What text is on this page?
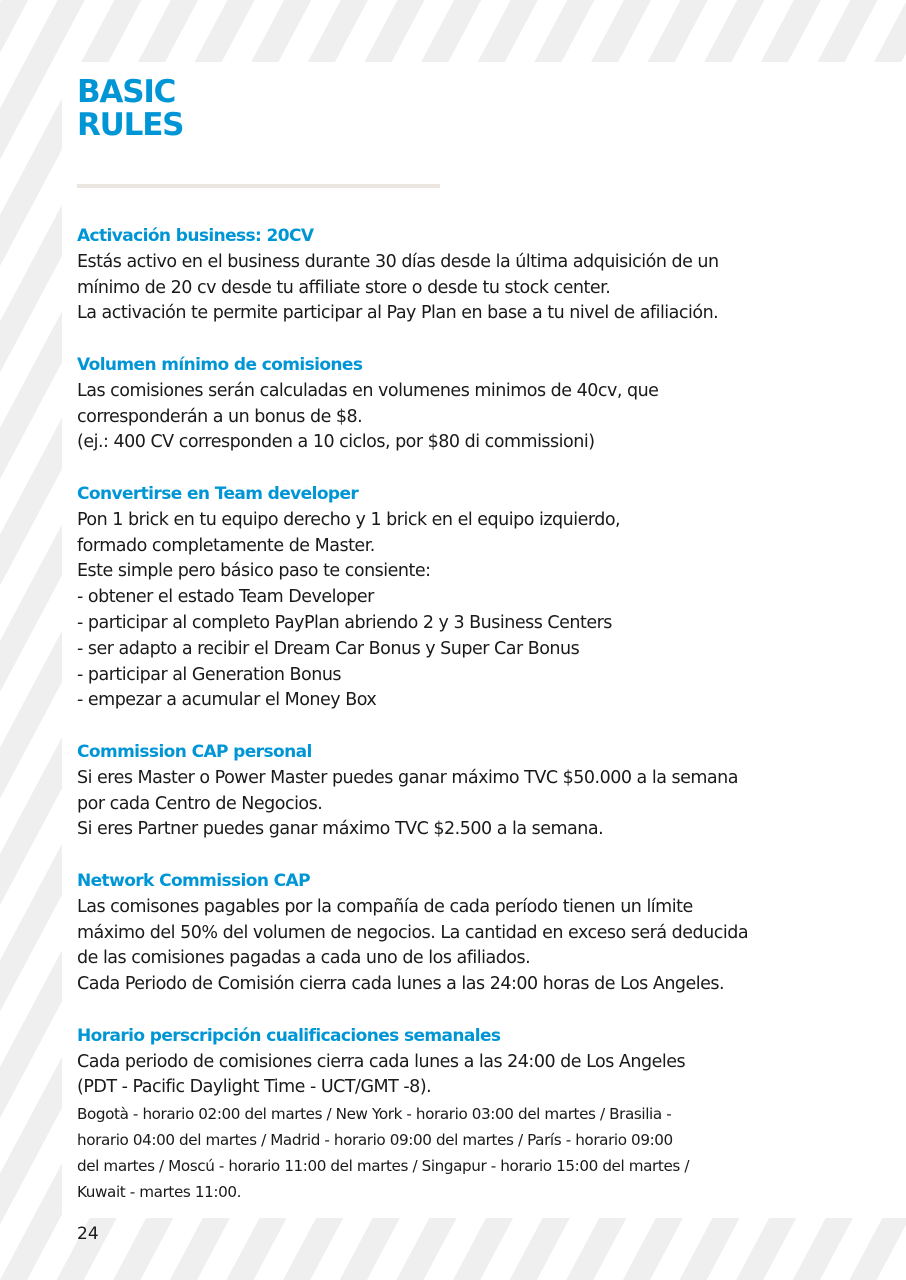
BASIC
RULES
Activación business: 20CV
Estás activo en el business durante 30 días desde la última adquisición de un
mínimo de 20 cv desde tu affiliate store o desde tu stock center.
La activación te permite participar al Pay Plan en base a tu nivel de afiliación.
Volumen mínimo de comisiones
Las comisiones serán calculadas en volumenes minimos de 40cv, que
corresponderán a un bonus de $8.
(ej.: 400 CV corresponden a 10 ciclos, por $80 di commissioni)
Convertirse en Team developer
Pon 1 brick en tu equipo derecho y 1 brick en el equipo izquierdo,
formado completamente de Master.
Este simple pero básico paso te consiente:
- obtener el estado Team Developer
- participar al completo PayPlan abriendo 2 y 3 Business Centers
- ser adapto a recibir el Dream Car Bonus y Super Car Bonus
- participar al Generation Bonus
- empezar a acumular el Money Box
Commission CAP personal
Si eres Master o Power Master puedes ganar máximo TVC $50.000 a la semana
por cada Centro de Negocios.
Si eres Partner puedes ganar máximo TVC $2.500 a la semana.
Network Commission CAP
Las comisones pagables por la compañía de cada período tienen un límite
máximo del 50% del volumen de negocios. La cantidad en exceso será deducida
de las comisiones pagadas a cada uno de los afiliados.
Cada Periodo de Comisión cierra cada lunes a las 24:00 horas de Los Angeles.
Horario perscripción cualificaciones semanales
Cada periodo de comisiones cierra cada lunes a las 24:00 de Los Angeles
(PDT - Pacific Daylight Time - UCT/GMT -8).
Bogotà - horario 02:00 del martes / New York - horario 03:00 del martes / Brasilia -
horario 04:00 del martes / Madrid - horario 09:00 del martes / París - horario 09:00
del martes / Moscú - horario 11:00 del martes / Singapur - horario 15:00 del martes /
Kuwait - martes 11:00.
24
